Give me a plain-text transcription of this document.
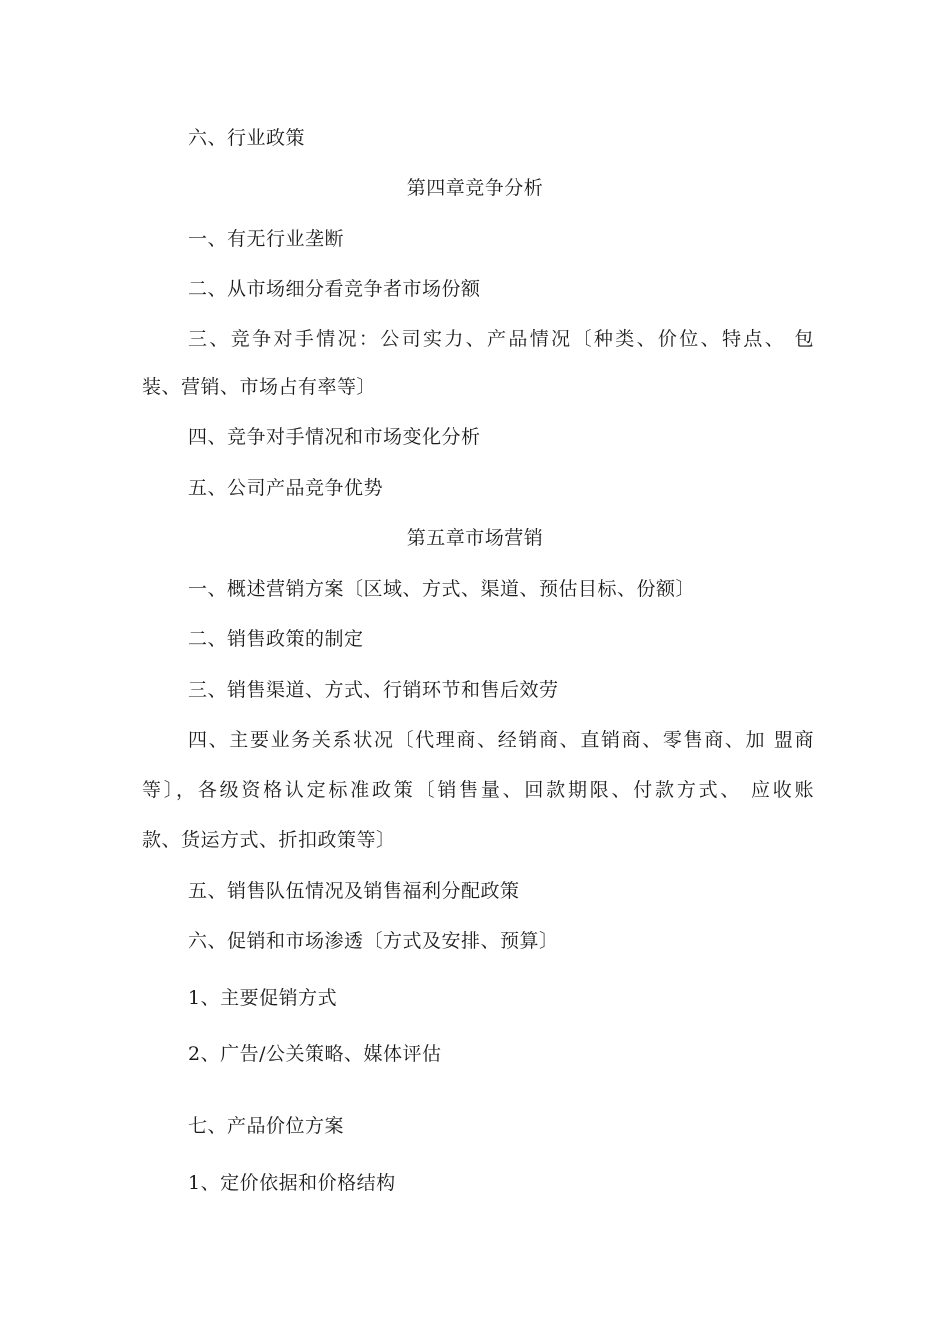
六、行业政策
第四章竞争分析
一、有无行业垄断
二、从市场细分看竞争者市场份额
三、竞争对手情况：公司实力、产品情况〔种类、价位、特点、 包
装、营销、市场占有率等〕
四、竞争对手情况和市场变化分析
五、公司产品竞争优势
第五章市场营销
一、概述营销方案〔区域、方式、渠道、预估目标、份额〕
二、销售政策的制定
三、销售渠道、方式、行销环节和售后效劳
四、主要业务关系状况〔代理商、经销商、直销商、零售商、加 盟商
等〕，各级资格认定标准政策〔销售量、回款期限、付款方式、 应收账
款、货运方式、折扣政策等〕
五、销售队伍情况及销售福利分配政策
六、促销和市场渗透〔方式及安排、预算〕
1、主要促销方式
2、广告/公关策略、媒体评估
七、产品价位方案
1、定价依据和价格结构
